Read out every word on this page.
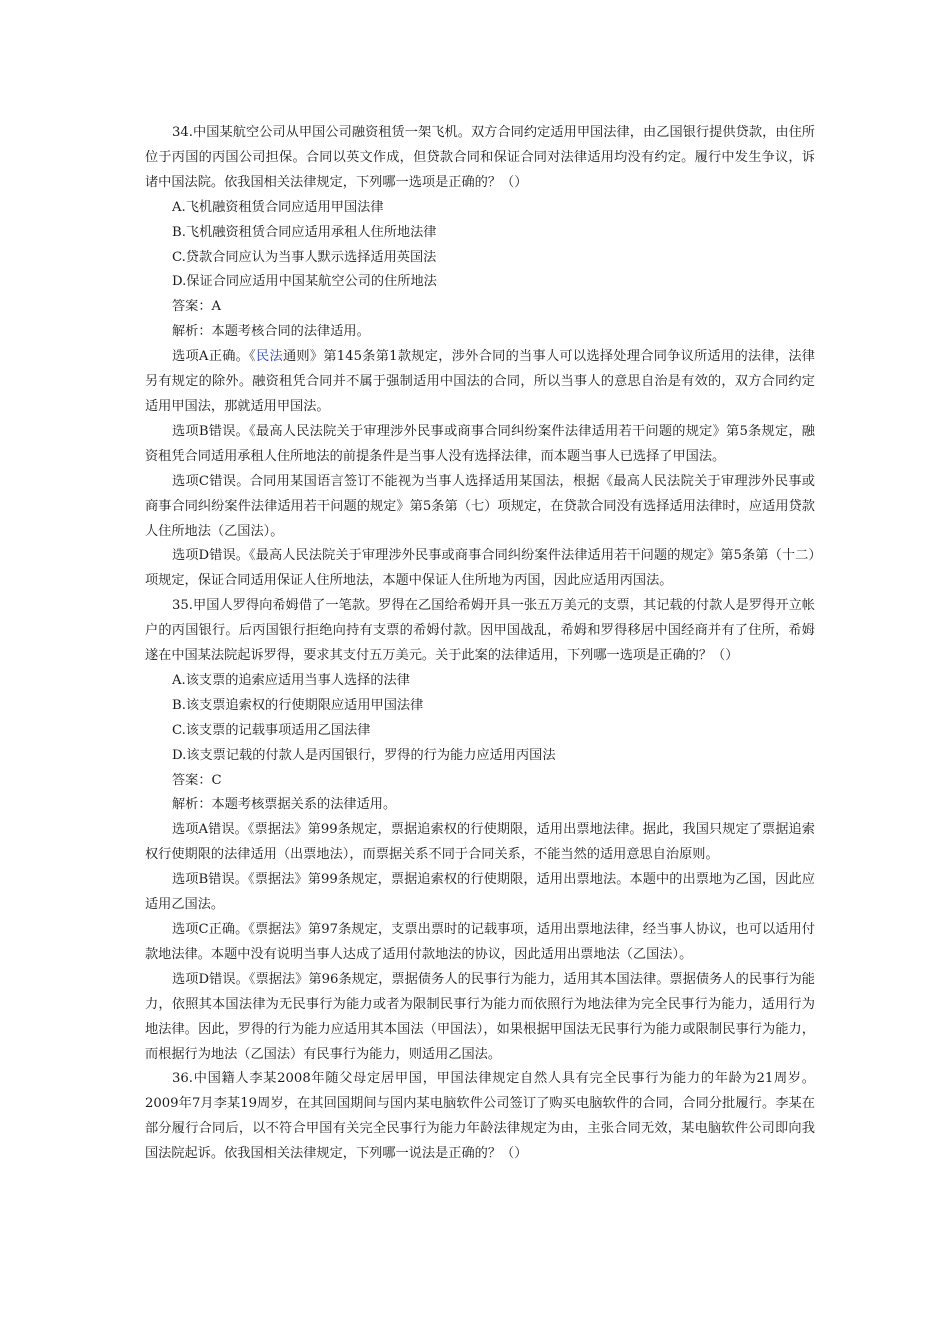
34.中国某航空公司从甲国公司融资租赁一架飞机。双方合同约定适用甲国法律，由乙国银行提供贷款，由住所位于丙国的丙国公司担保。合同以英文作成，但贷款合同和保证合同对法律适用均没有约定。履行中发生争议，诉诸中国法院。依我国相关法律规定，下列哪一选项是正确的？（）

A.飞机融资租赁合同应适用甲国法律

B.飞机融资租赁合同应适用承租人住所地法律

C.贷款合同应认为当事人默示选择适用英国法

D.保证合同应适用中国某航空公司的住所地法

答案：A

解析：本题考核合同的法律适用。

选项A正确。《民法通则》第145条第1款规定，涉外合同的当事人可以选择处理合同争议所适用的法律，法律另有规定的除外。融资租凭合同并不属于强制适用中国法的合同，所以当事人的意思自治是有效的，双方合同约定适用甲国法，那就适用甲国法。

选项B错误。《最高人民法院关于审理涉外民事或商事合同纠纷案件法律适用若干问题的规定》第5条规定，融资租凭合同适用承租人住所地法的前提条件是当事人没有选择法律，而本题当事人已选择了甲国法。

选项C错误。合同用某国语言签订不能视为当事人选择适用某国法，根据《最高人民法院关于审理涉外民事或商事合同纠纷案件法律适用若干问题的规定》第5条第（七）项规定，在贷款合同没有选择适用法律时，应适用贷款人住所地法（乙国法）。

选项D错误。《最高人民法院关于审理涉外民事或商事合同纠纷案件法律适用若干问题的规定》第5条第（十二）项规定，保证合同适用保证人住所地法，本题中保证人住所地为丙国，因此应适用丙国法。

35.甲国人罗得向希姆借了一笔款。罗得在乙国给希姆开具一张五万美元的支票，其记载的付款人是罗得开立帐户的丙国银行。后丙国银行拒绝向持有支票的希姆付款。因甲国战乱，希姆和罗得移居中国经商并有了住所，希姆遂在中国某法院起诉罗得，要求其支付五万美元。关于此案的法律适用，下列哪一选项是正确的？（）

A.该支票的追索应适用当事人选择的法律

B.该支票追索权的行使期限应适用甲国法律

C.该支票的记载事项适用乙国法律

D.该支票记载的付款人是丙国银行，罗得的行为能力应适用丙国法

答案：C

解析：本题考核票据关系的法律适用。

选项A错误。《票据法》第99条规定，票据追索权的行使期限，适用出票地法律。据此，我国只规定了票据追索权行使期限的法律适用（出票地法），而票据关系不同于合同关系，不能当然的适用意思自治原则。

选项B错误。《票据法》第99条规定，票据追索权的行使期限，适用出票地法。本题中的出票地为乙国，因此应适用乙国法。

选项C正确。《票据法》第97条规定，支票出票时的记载事项，适用出票地法律，经当事人协议，也可以适用付款地法律。本题中没有说明当事人达成了适用付款地法的协议，因此适用出票地法（乙国法）。

选项D错误。《票据法》第96条规定，票据债务人的民事行为能力，适用其本国法律。票据债务人的民事行为能力，依照其本国法律为无民事行为能力或者为限制民事行为能力而依照行为地法律为完全民事行为能力，适用行为地法律。因此，罗得的行为能力应适用其本国法（甲国法），如果根据甲国法无民事行为能力或限制民事行为能力，而根据行为地法（乙国法）有民事行为能力，则适用乙国法。

36.中国籍人李某2008年随父母定居甲国，甲国法律规定自然人具有完全民事行为能力的年龄为21周岁。2009年7月李某19周岁，在其回国期间与国内某电脑软件公司签订了购买电脑软件的合同，合同分批履行。李某在部分履行合同后，以不符合甲国有关完全民事行为能力年龄法律规定为由，主张合同无效，某电脑软件公司即向我国法院起诉。依我国相关法律规定，下列哪一说法是正确的？（）
